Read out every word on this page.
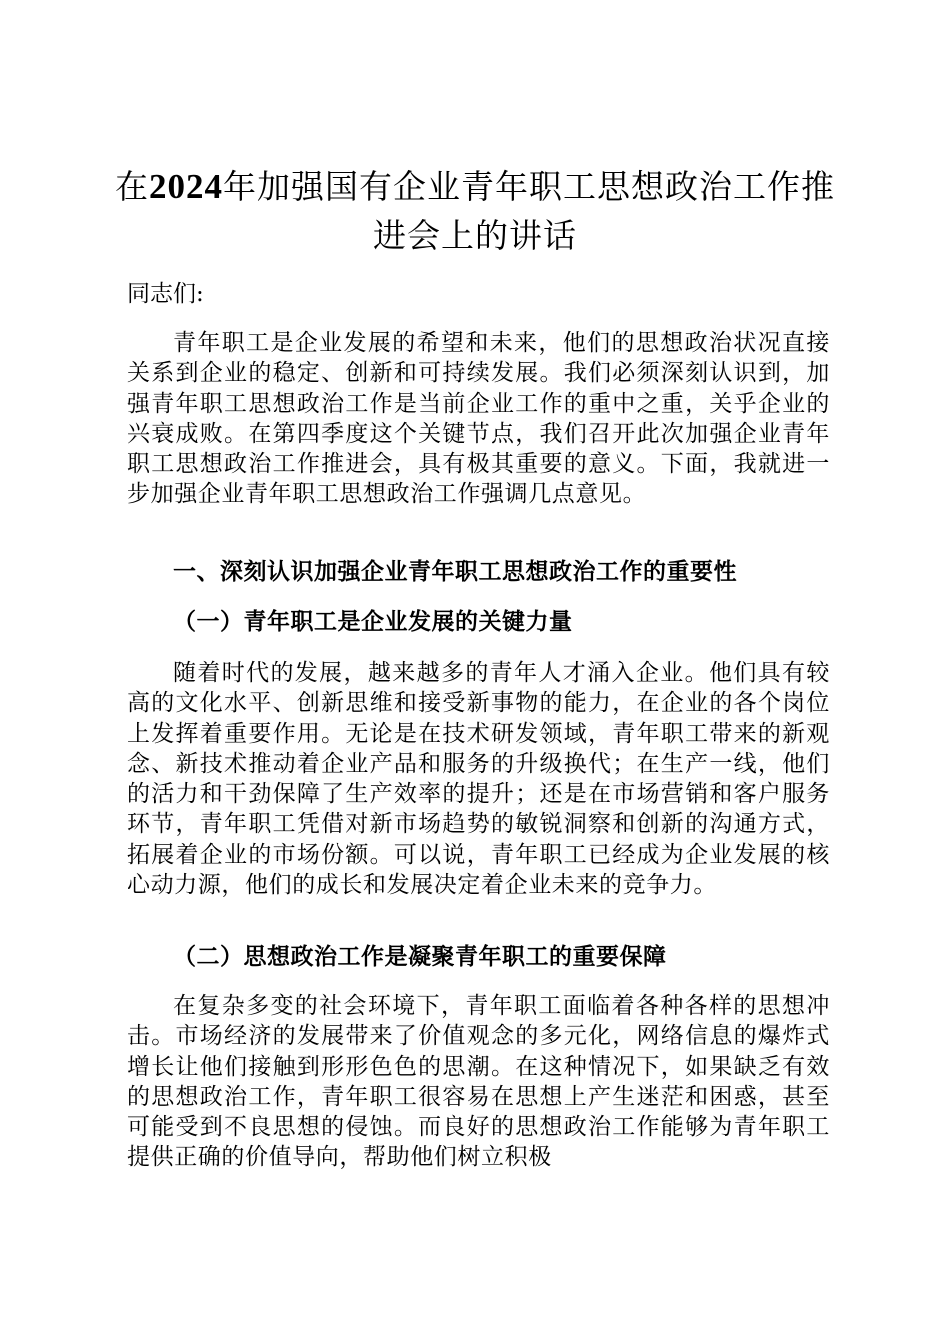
在2024年加强国有企业青年职工思想政治工作推进会上的讲话
同志们:

青年职工是企业发展的希望和未来，他们的思想政治状况直接关系到企业的稳定、创新和可持续发展。我们必须深刻认识到，加强青年职工思想政治工作是当前企业工作的重中之重，关乎企业的兴衰成败。在第四季度这个关键节点，我们召开此次加强企业青年职工思想政治工作推进会，具有极其重要的意义。下面，我就进一步加强企业青年职工思想政治工作强调几点意见。

一、深刻认识加强企业青年职工思想政治工作的重要性
（一）青年职工是企业发展的关键力量

随着时代的发展，越来越多的青年人才涌入企业。他们具有较高的文化水平、创新思维和接受新事物的能力，在企业的各个岗位上发挥着重要作用。无论是在技术研发领域，青年职工带来的新观念、新技术推动着企业产品和服务的升级换代；在生产一线，他们的活力和干劲保障了生产效率的提升；还是在市场营销和客户服务环节，青年职工凭借对新市场趋势的敏锐洞察和创新的沟通方式，拓展着企业的市场份额。可以说，青年职工已经成为企业发展的核心动力源，他们的成长和发展决定着企业未来的竞争力。

（二）思想政治工作是凝聚青年职工的重要保障

在复杂多变的社会环境下，青年职工面临着各种各样的思想冲击。市场经济的发展带来了价值观念的多元化，网络信息的爆炸式增长让他们接触到形形色色的思潮。在这种情况下，如果缺乏有效的思想政治工作，青年职工很容易在思想上产生迷茫和困惑，甚至可能受到不良思想的侵蚀。而良好的思想政治工作能够为青年职工提供正确的价值导向，帮助他们树立积极
